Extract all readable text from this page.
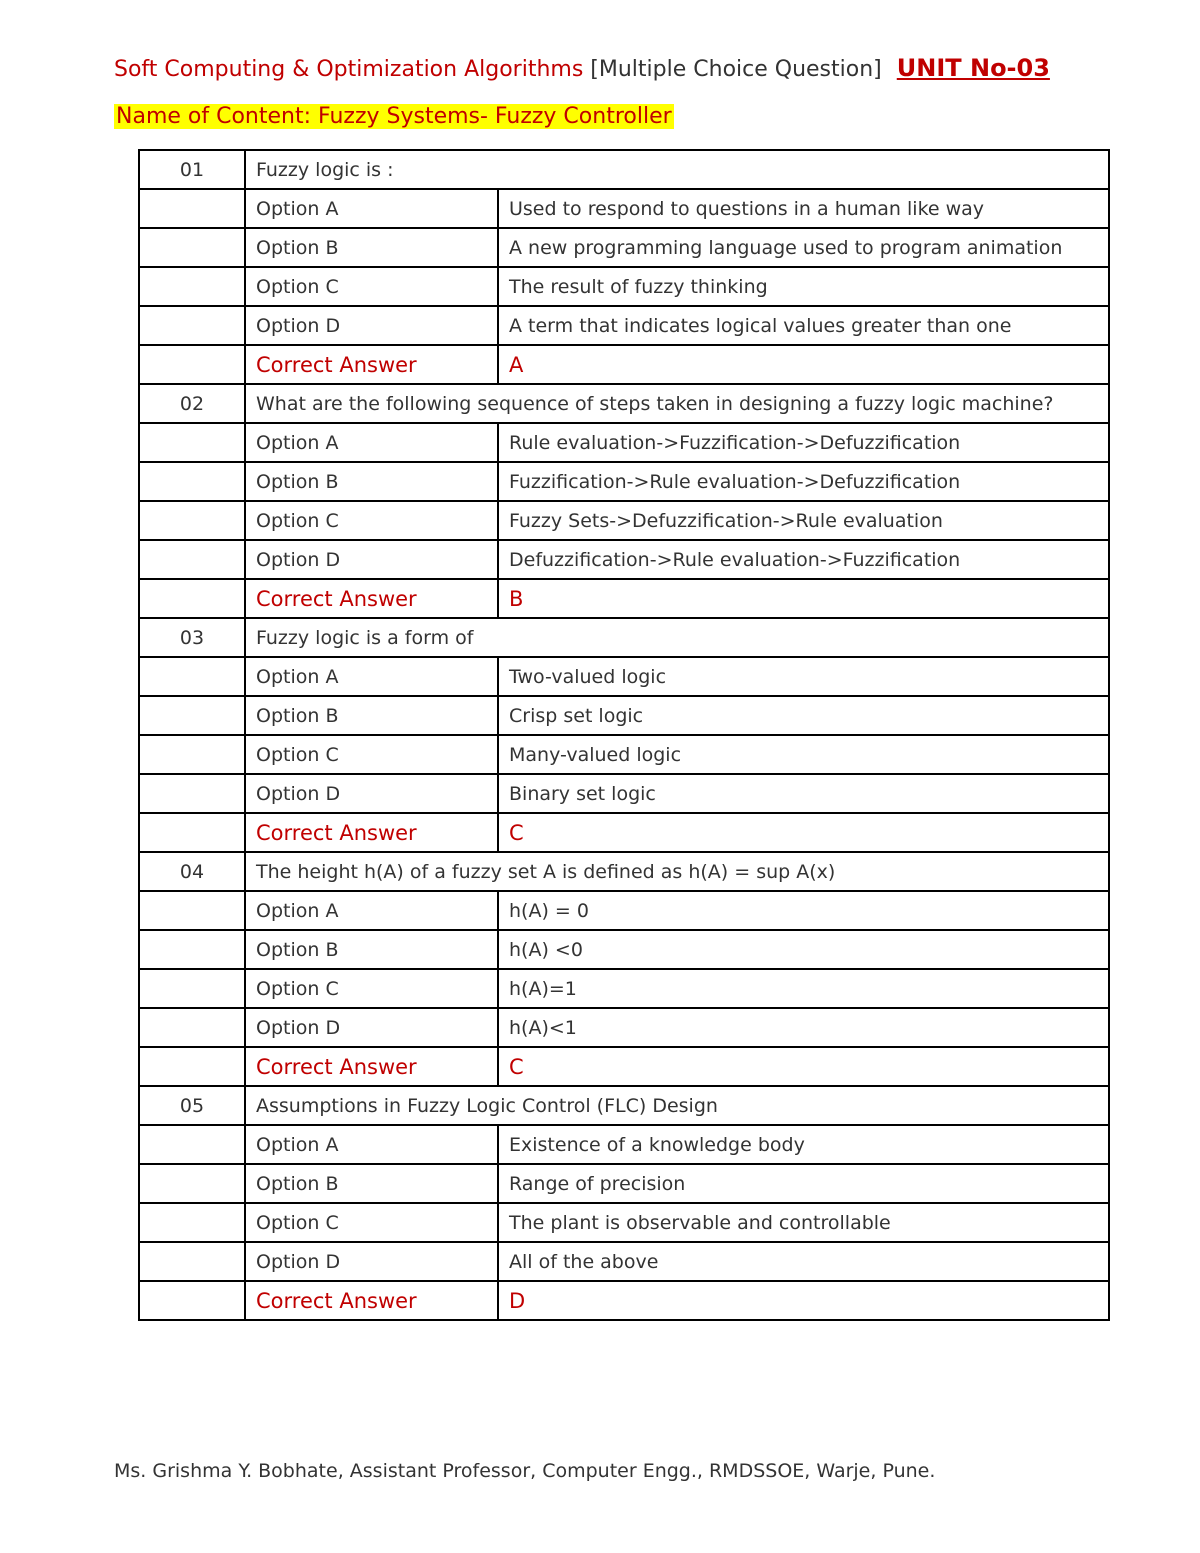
Soft Computing & Optimization Algorithms [Multiple Choice Question] UNIT No-03
Name of Content: Fuzzy Systems- Fuzzy Controller
01	Fuzzy logic is :	
	Option A	Used to respond to questions in a human like way
	Option B	A new programming language used to program animation
	Option C	The result of fuzzy thinking
	Option D	A term that indicates logical values greater than one
	Correct Answer	A
02	What are the following sequence of steps taken in designing a fuzzy logic machine?	
	Option A	Rule evaluation->Fuzzification->Defuzzification
	Option B	Fuzzification->Rule evaluation->Defuzzification
	Option C	Fuzzy Sets->Defuzzification->Rule evaluation
	Option D	Defuzzification->Rule evaluation->Fuzzification
	Correct Answer	B
03	Fuzzy logic is a form of	
	Option A	Two-valued logic
	Option B	Crisp set logic
	Option C	Many-valued logic
	Option D	Binary set logic
	Correct Answer	C
04	The height h(A) of a fuzzy set A is defined as h(A) = sup A(x)	
	Option A	h(A) = 0
	Option B	h(A) <0
	Option C	h(A)=1
	Option D	h(A)<1
	Correct Answer	C
05	Assumptions in Fuzzy Logic Control (FLC) Design	
	Option A	Existence of a knowledge body
	Option B	Range of precision
	Option C	The plant is observable and controllable
	Option D	All of the above
	Correct Answer	D
Ms. Grishma Y. Bobhate, Assistant Professor, Computer Engg., RMDSSOE, Warje, Pune.
